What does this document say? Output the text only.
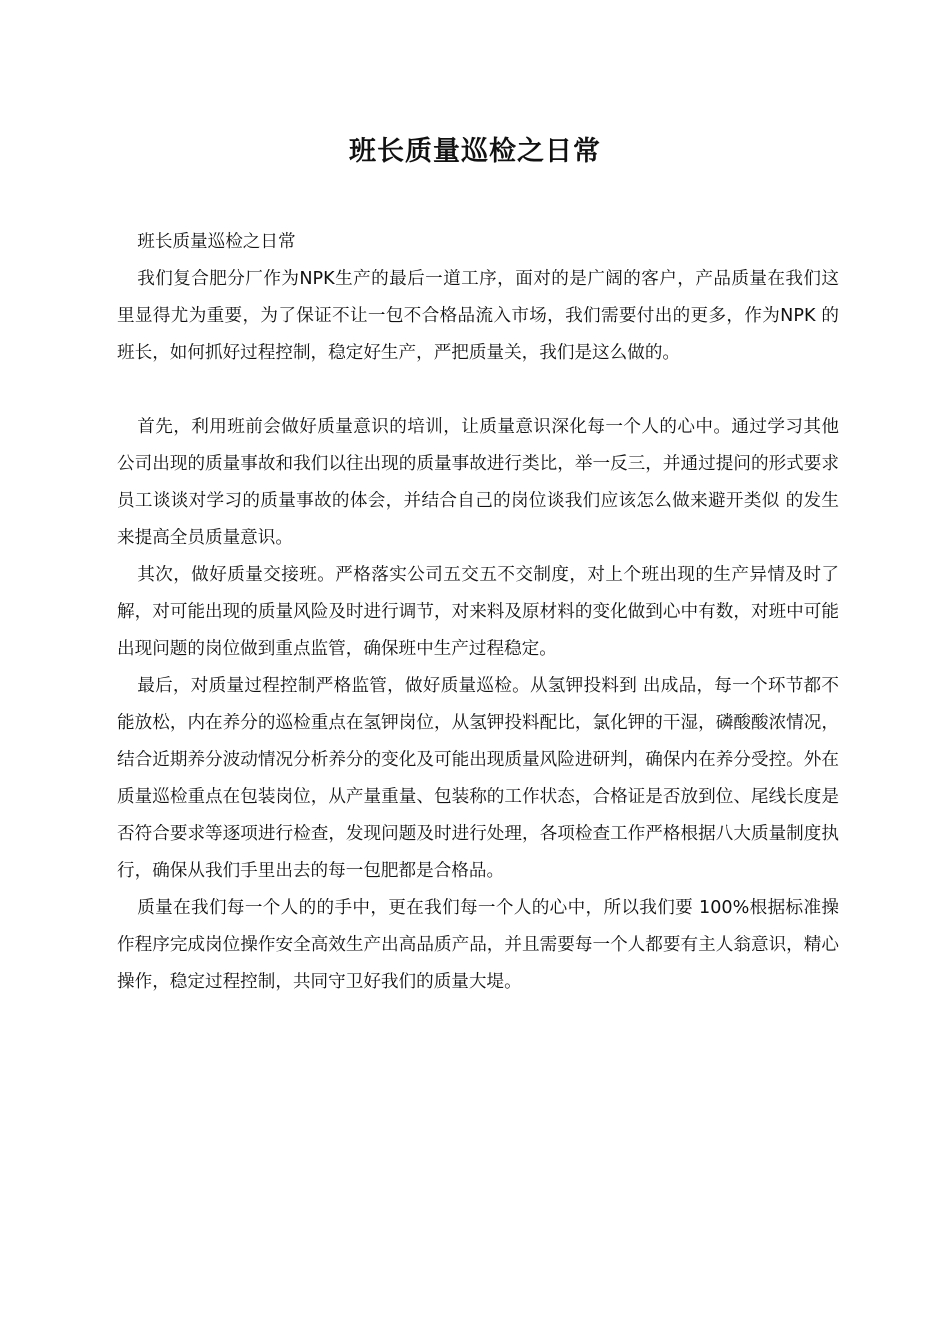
班长质量巡检之日常

班长质量巡检之日常

我们复合肥分厂作为NPK生产的最后一道工序，面对的是广阔的客户，产品质量在我们这里显得尤为重要，为了保证不让一包不合格品流入市场，我们需要付出的更多，作为NPK 的班长，如何抓好过程控制，稳定好生产，严把质量关，我们是这么做的。

首先，利用班前会做好质量意识的培训，让质量意识深化每一个人的心中。通过学习其他公司出现的质量事故和我们以往出现的质量事故进行类比，举一反三，并通过提问的形式要求员工谈谈对学习的质量事故的体会，并结合自己的岗位谈我们应该怎么做来避开类似 的发生来提高全员质量意识。

其次，做好质量交接班。严格落实公司五交五不交制度，对上个班出现的生产异情及时了解，对可能出现的质量风险及时进行调节，对来料及原材料的变化做到心中有数，对班中可能出现问题的岗位做到重点监管，确保班中生产过程稳定。

最后，对质量过程控制严格监管，做好质量巡检。从氢钾投料到 出成品，每一个环节都不能放松，内在养分的巡检重点在氢钾岗位，从氢钾投料配比，氯化钾的干湿，磷酸酸浓情况，结合近期养分波动情况分析养分的变化及可能出现质量风险进研判，确保内在养分受控。外在质量巡检重点在包装岗位，从产量重量、包装称的工作状态，合格证是否放到位、尾线长度是否符合要求等逐项进行检查，发现问题及时进行处理，各项检查工作严格根据八大质量制度执行，确保从我们手里出去的每一包肥都是合格品。

质量在我们每一个人的的手中，更在我们每一个人的心中，所以我们要 100%根据标准操作程序完成岗位操作安全高效生产出高品质产品，并且需要每一个人都要有主人翁意识，精心操作，稳定过程控制，共同守卫好我们的质量大堤。
